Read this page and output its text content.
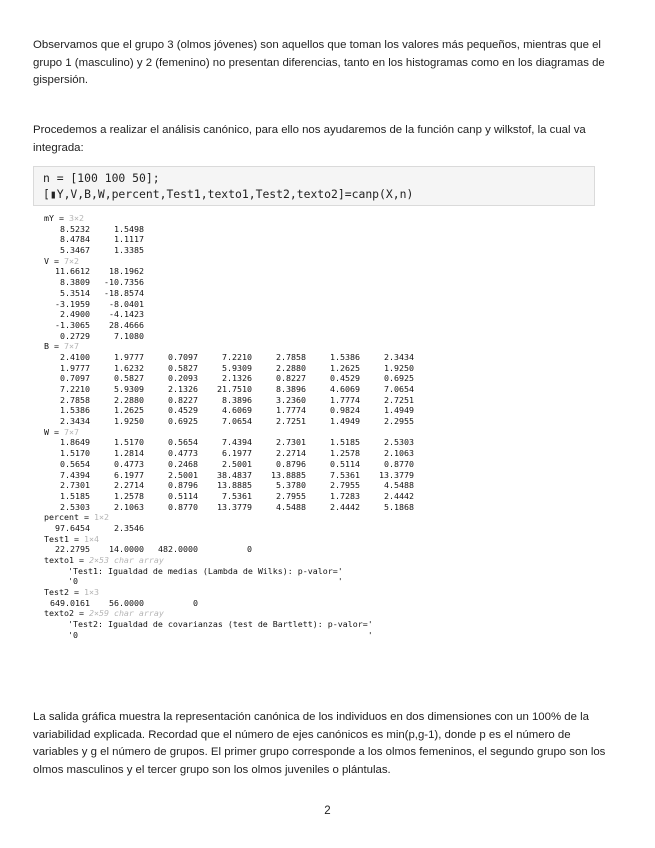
Observamos que el grupo 3 (olmos jóvenes) son aquellos que toman los valores más pequeños, mientras que el grupo 1 (masculino) y 2 (femenino) no presentan diferencias, tanto en los histogramas como en los diagramas de gispersión.

Procedemos a realizar el análisis canónico, para ello nos ayudaremos de la función canp y wilkstof, la cual va integrada:

n = [100 100 50];
[▮Y,V,B,W,percent,Test1,texto1,Test2,texto2]=canp(X,n)
mY = 3×2
8.5232	1.5498
8.4784	1.1117
5.3467	1.3385
V = 7×2
11.6612	18.1962
8.3809	-10.7356
5.3514	-18.8574
-3.1959	-8.0401
2.4900	-4.1423
-1.3065	28.4666
0.2729	7.1080
B = 7×7
2.4100	1.9777	0.7097	7.2210	2.7858	1.5386	2.3434
1.9777	1.6232	0.5827	5.9309	2.2880	1.2625	1.9250
0.7097	0.5827	0.2093	2.1326	0.8227	0.4529	0.6925
7.2210	5.9309	2.1326	21.7510	8.3896	4.6069	7.0654
2.7858	2.2880	0.8227	8.3896	3.2360	1.7774	2.7251
1.5386	1.2625	0.4529	4.6069	1.7774	0.9824	1.4949
2.3434	1.9250	0.6925	7.0654	2.7251	1.4949	2.2955
W = 7×7
1.8649	1.5170	0.5654	7.4394	2.7301	1.5185	2.5303
1.5170	1.2814	0.4773	6.1977	2.2714	1.2578	2.1063
0.5654	0.4773	0.2468	2.5001	0.8796	0.5114	0.8770
7.4394	6.1977	2.5001	38.4837	13.8885	7.5361	13.3779
2.7301	2.2714	0.8796	13.8885	5.3780	2.7955	4.5488
1.5185	1.2578	0.5114	7.5361	2.7955	1.7283	2.4442
2.5303	2.1063	0.8770	13.3779	4.5488	2.4442	5.1868
percent = 1×2
97.6454	2.3546
Test1 = 1×4
22.2795	14.0000	482.0000	0
texto1 = 2×53 char array
'Test1: Igualdad de medias (Lambda de Wilks): p-valor='
'0                                                    '
Test2 = 1×3
649.0161	56.0000	0
texto2 = 2×59 char array
'Test2: Igualdad de covarianzas (test de Bartlett): p-valor='
'0                                                          '

La salida gráfica muestra la representación canónica de los individuos en dos dimensiones con un 100% de la variabilidad explicada. Recordad que el número de ejes canónicos es min(p,g-1), donde p es el número de variables y g el número de grupos. El primer grupo corresponde a los olmos femeninos, el segundo grupo son los olmos masculinos y el tercer grupo son los olmos juveniles o plántulas.

2
